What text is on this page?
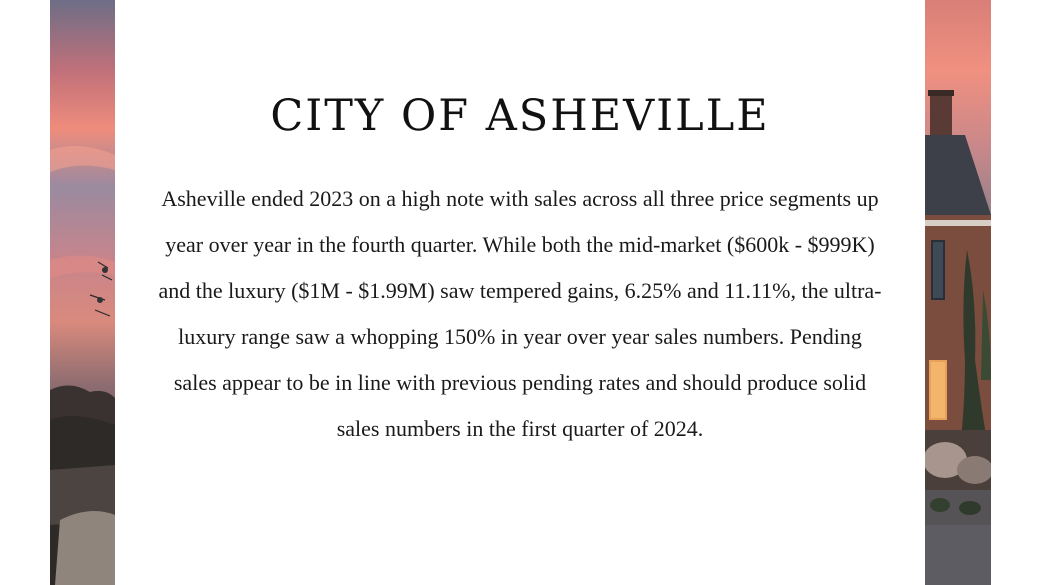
CITY OF ASHEVILLE

Asheville ended 2023 on a high note with sales across all three price segments up year over year in the fourth quarter. While both the mid-market ($600k - $999K) and the luxury ($1M - $1.99M) saw tempered gains, 6.25% and 11.11%, the ultra-luxury range saw a whopping 150% in year over year sales numbers. Pending sales appear to be in line with previous pending rates and should produce solid sales numbers in the first quarter of 2024.
